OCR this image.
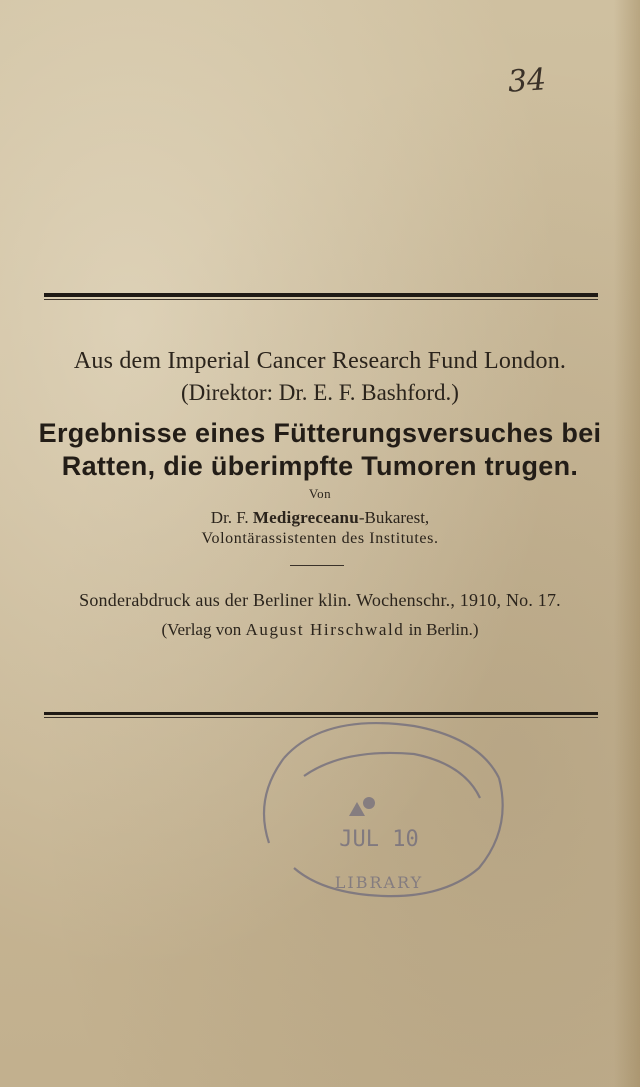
34
Aus dem Imperial Cancer Research Fund London.
(Direktor: Dr. E. F. Bashford.)
Ergebnisse eines Fütterungsversuches bei
Ratten, die überimpfte Tumoren trugen.
Von
Dr. F. Medigreceanu-Bukarest,
Volontärassistenten des Institutes.
Sonderabdruck aus der Berliner klin. Wochenschr., 1910, No. 17.
(Verlag von August Hirschwald in Berlin.)
JUL 10
LIBRARY
